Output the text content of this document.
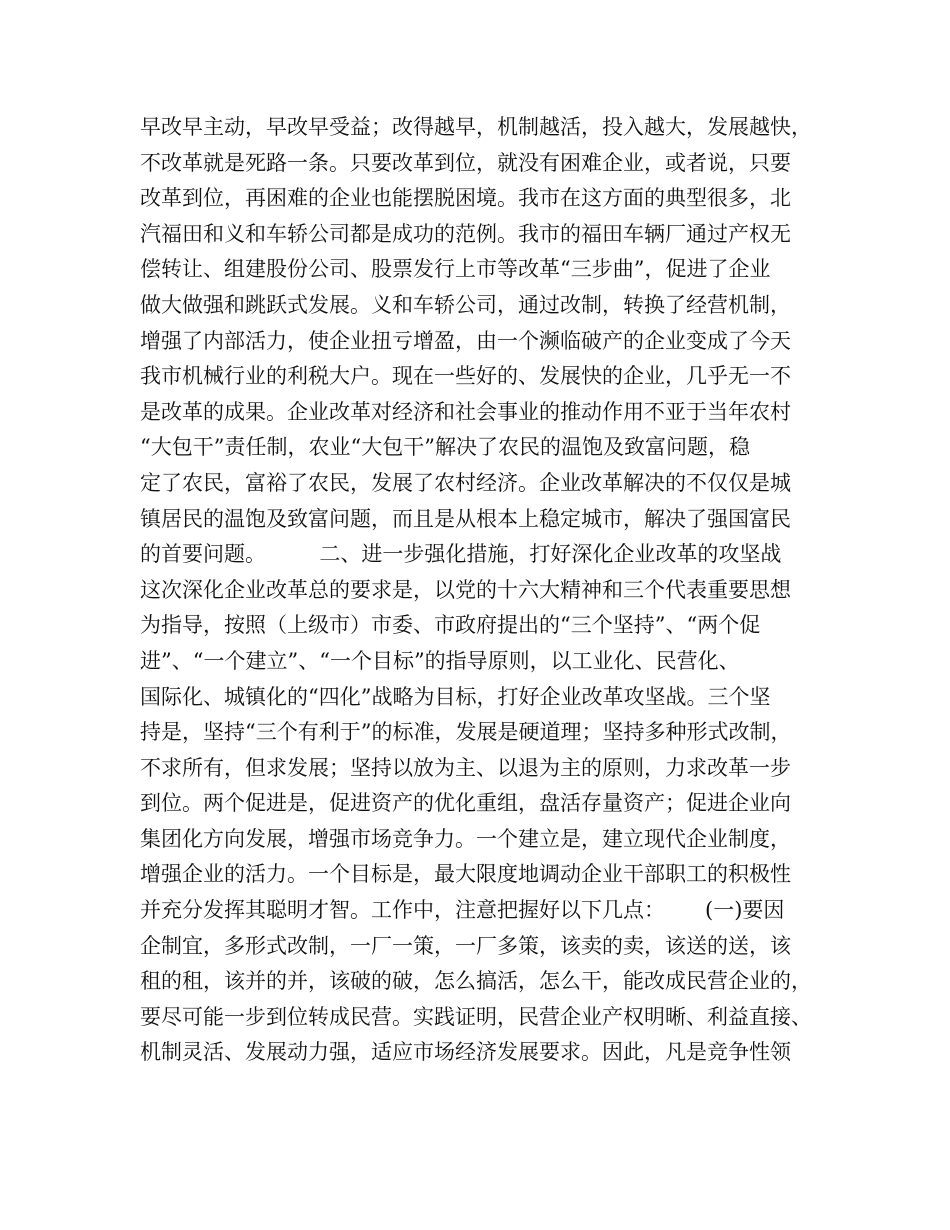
早改早主动，早改早受益；改得越早，机制越活，投入越大，发展越快，
不改革就是死路一条。只要改革到位，就没有困难企业，或者说，只要
改革到位，再困难的企业也能摆脱困境。我市在这方面的典型很多，北
汽福田和义和车轿公司都是成功的范例。我市的福田车辆厂通过产权无
偿转让、组建股份公司、股票发行上市等改革“三步曲”，促进了企业
做大做强和跳跃式发展。义和车轿公司，通过改制，转换了经营机制，
增强了内部活力，使企业扭亏增盈，由一个濒临破产的企业变成了今天
我市机械行业的利税大户。现在一些好的、发展快的企业，几乎无一不
是改革的成果。企业改革对经济和社会事业的推动作用不亚于当年农村
“大包干”责任制，农业“大包干”解决了农民的温饱及致富问题，稳
定了农民，富裕了农民，发展了农村经济。企业改革解决的不仅仅是城
镇居民的温饱及致富问题，而且是从根本上稳定城市，解决了强国富民
的首要问题。        二、进一步强化措施，打好深化企业改革的攻坚战
这次深化企业改革总的要求是，以党的十六大精神和三个代表重要思想
为指导，按照（上级市）市委、市政府提出的“三个坚持”、“两个促
进”、“一个建立”、“一个目标”的指导原则，以工业化、民营化、
国际化、城镇化的“四化”战略为目标，打好企业改革攻坚战。三个坚
持是，坚持“三个有利于”的标准，发展是硬道理；坚持多种形式改制，
不求所有，但求发展；坚持以放为主、以退为主的原则，力求改革一步
到位。两个促进是，促进资产的优化重组，盘活存量资产；促进企业向
集团化方向发展，增强市场竞争力。一个建立是，建立现代企业制度，
增强企业的活力。一个目标是，最大限度地调动企业干部职工的积极性
并充分发挥其聪明才智。工作中，注意把握好以下几点：      (一)要因
企制宜，多形式改制，一厂一策，一厂多策，该卖的卖，该送的送，该
租的租，该并的并，该破的破，怎么搞活，怎么干，能改成民营企业的，
要尽可能一步到位转成民营。实践证明，民营企业产权明晰、利益直接、
机制灵活、发展动力强，适应市场经济发展要求。因此，凡是竞争性领
